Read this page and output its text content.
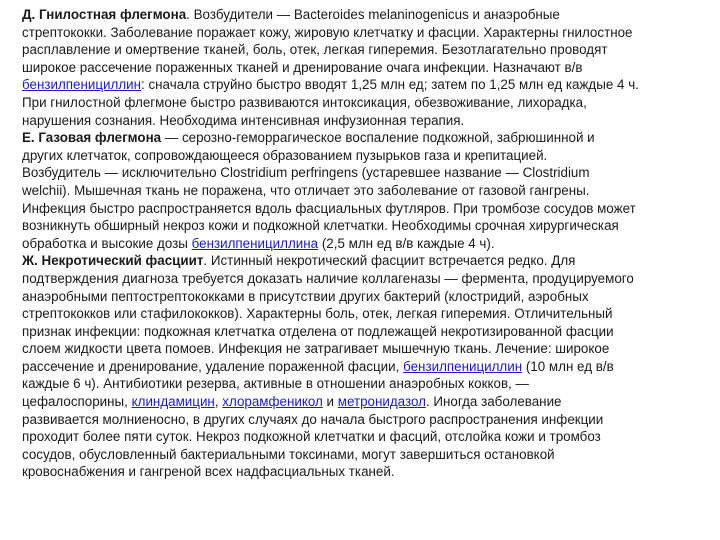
Д. Гнилостная флегмона. Возбудители — Bacteroides melaninogenicus и анаэробные
стрептококки. Заболевание поражает кожу, жировую клетчатку и фасции. Характерны гнилостное
расплавление и омертвение тканей, боль, отек, легкая гиперемия. Безотлагательно проводят
широкое рассечение пораженных тканей и дренирование очага инфекции. Назначают в/в
бензилпенициллин: сначала струйно быстро вводят 1,25 млн ед; затем по 1,25 млн ед каждые 4 ч.
При гнилостной флегмоне быстро развиваются интоксикация, обезвоживание, лихорадка,
нарушения сознания. Необходима интенсивная инфузионная терапия.
Е. Газовая флегмона — серозно-геморрагическое воспаление подкожной, забрюшинной и
других клетчаток, сопровождающееся образованием пузырьков газа и крепитацией.
Возбудитель — исключительно Clostridium perfringens (устаревшее название — Clostridium
welchii). Мышечная ткань не поражена, что отличает это заболевание от газовой гангрены.
Инфекция быстро распространяется вдоль фасциальных футляров. При тромбозе сосудов может
возникнуть обширный некроз кожи и подкожной клетчатки. Необходимы срочная хирургическая
обработка и высокие дозы бензилпенициллина (2,5 млн ед в/в каждые 4 ч).
Ж. Некротический фасциит. Истинный некротический фасциит встречается редко. Для
подтверждения диагноза требуется доказать наличие коллагеназы — фермента, продуцируемого
анаэробными пептострептококками в присутствии других бактерий (клостридий, аэробных
стрептококков или стафилококков). Характерны боль, отек, легкая гиперемия. Отличительный
признак инфекции: подкожная клетчатка отделена от подлежащей некротизированной фасции
слоем жидкости цвета помоев. Инфекция не затрагивает мышечную ткань. Лечение: широкое
рассечение и дренирование, удаление пораженной фасции, бензилпенициллин (10 млн ед в/в
каждые 6 ч). Антибиотики резерва, активные в отношении анаэробных кокков, —
цефалоспорины, клиндамицин, хлорамфеникол и метронидазол. Иногда заболевание
развивается молниеносно, в других случаях до начала быстрого распространения инфекции
проходит более пяти суток. Некроз подкожной клетчатки и фасций, отслойка кожи и тромбоз
сосудов, обусловленный бактериальными токсинами, могут завершиться остановкой
кровоснабжения и гангреной всех надфасциальных тканей.
